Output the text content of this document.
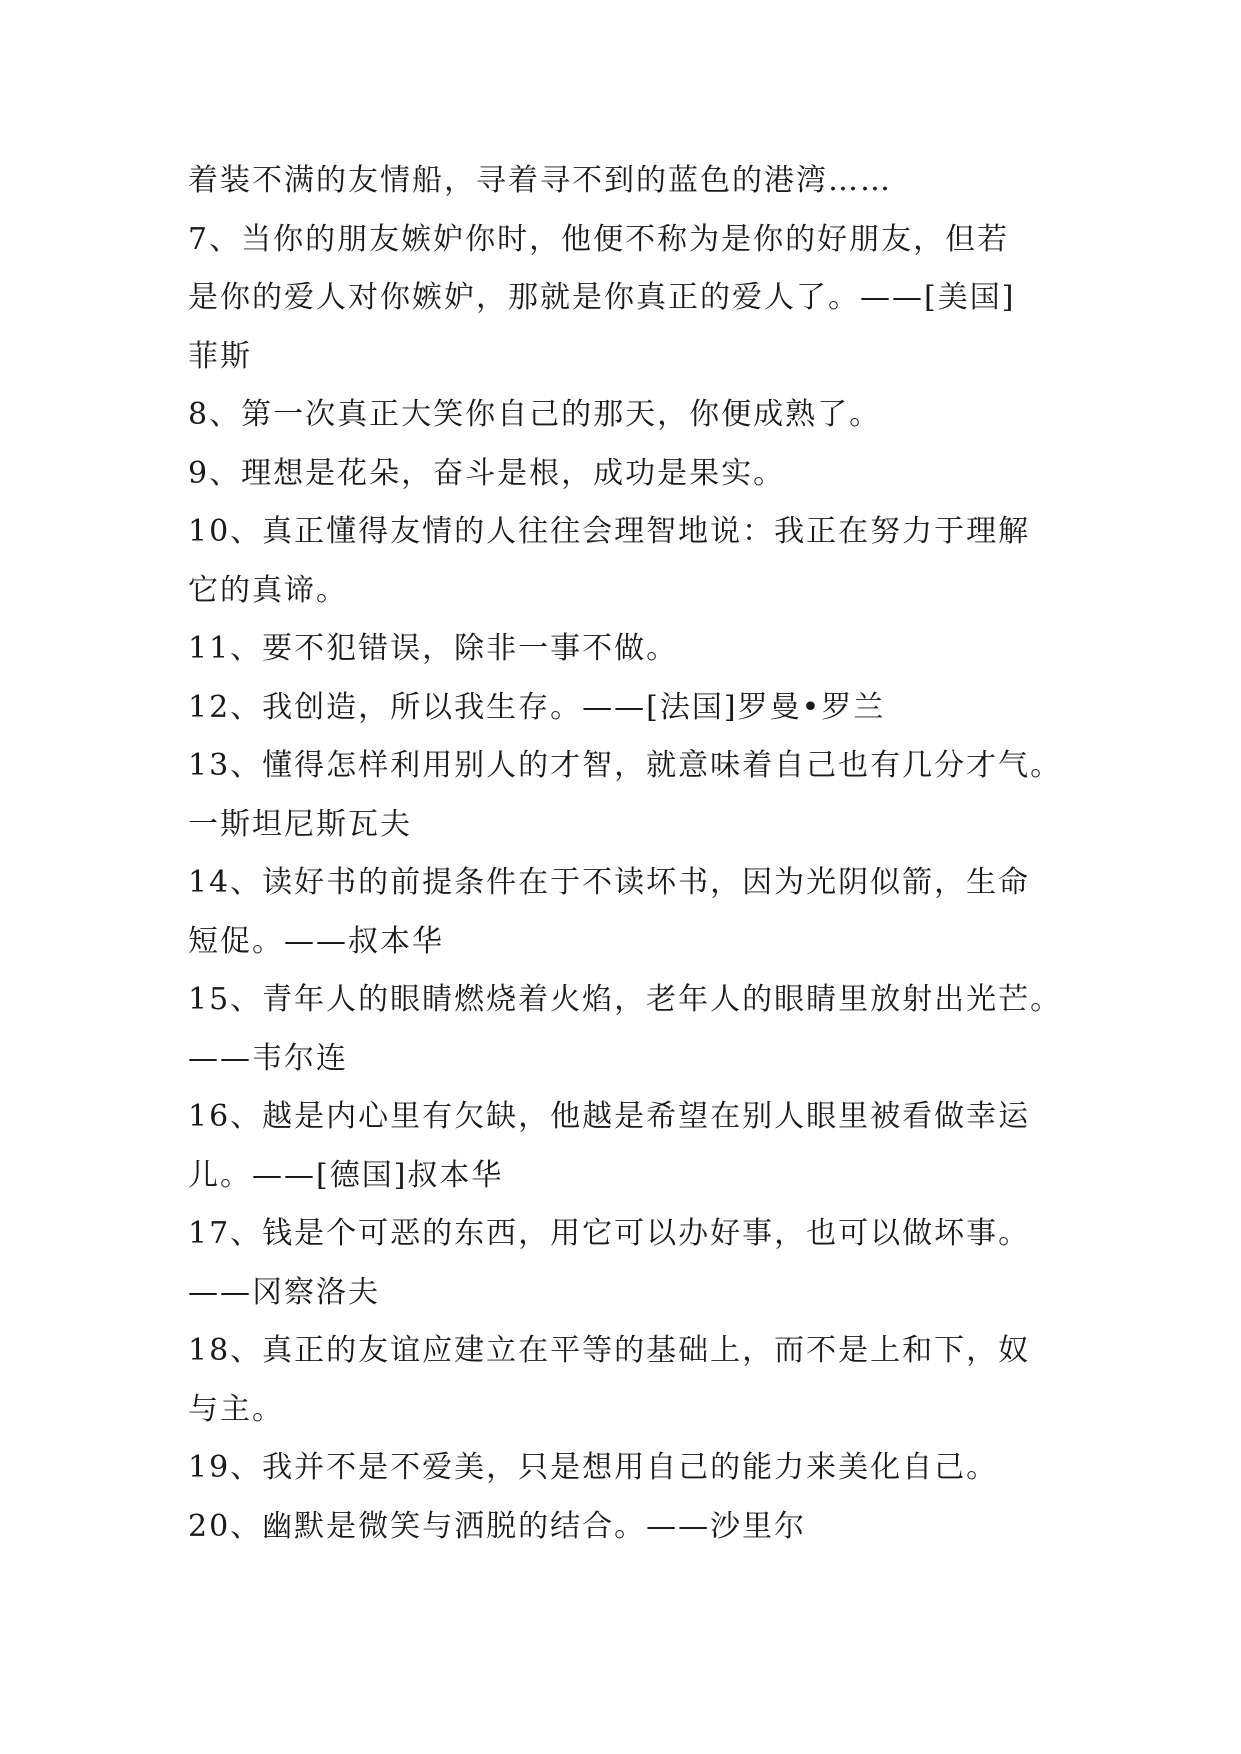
着装不满的友情船，寻着寻不到的蓝色的港湾……
7、当你的朋友嫉妒你时，他便不称为是你的好朋友，但若
是你的爱人对你嫉妒，那就是你真正的爱人了。——[美国]
菲斯
8、第一次真正大笑你自己的那天，你便成熟了。
9、理想是花朵，奋斗是根，成功是果实。
10、真正懂得友情的人往往会理智地说：我正在努力于理解
它的真谛。
11、要不犯错误，除非一事不做。
12、我创造，所以我生存。——[法国]罗曼•罗兰
13、懂得怎样利用别人的才智，就意味着自己也有几分才气。
一斯坦尼斯瓦夫
14、读好书的前提条件在于不读坏书，因为光阴似箭，生命
短促。——叔本华
15、青年人的眼睛燃烧着火焰，老年人的眼睛里放射出光芒。
——韦尔连
16、越是内心里有欠缺，他越是希望在别人眼里被看做幸运
儿。——[德国]叔本华
17、钱是个可恶的东西，用它可以办好事，也可以做坏事。
——冈察洛夫
18、真正的友谊应建立在平等的基础上，而不是上和下，奴
与主。
19、我并不是不爱美，只是想用自己的能力来美化自己。
20、幽默是微笑与洒脱的结合。——沙里尔
